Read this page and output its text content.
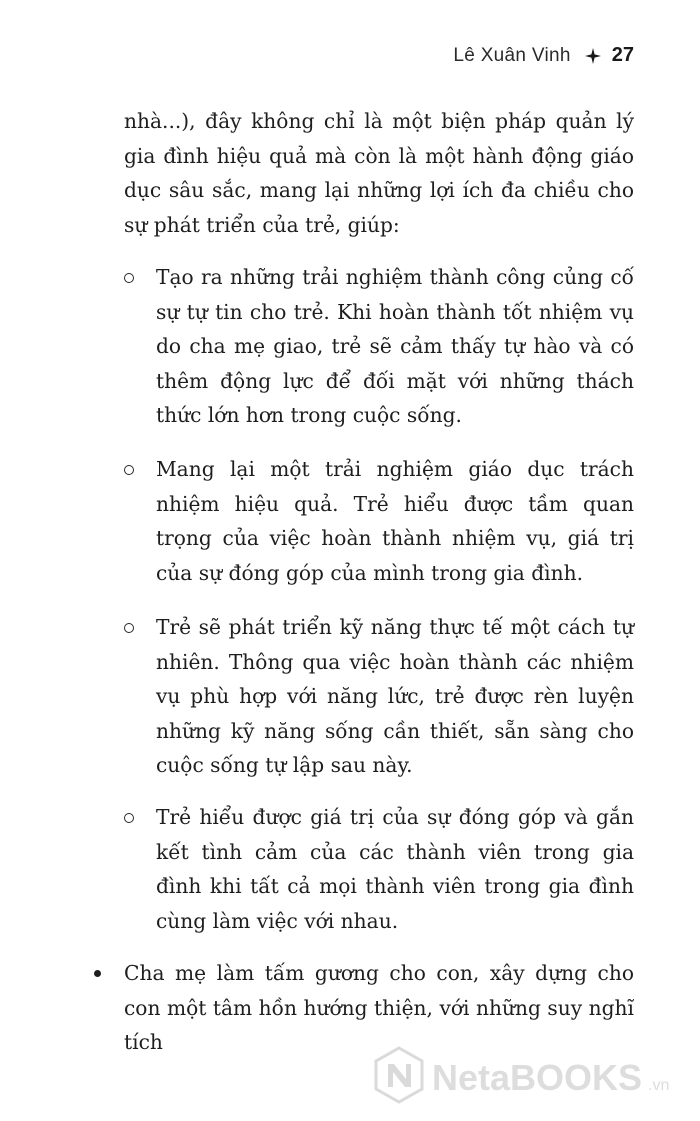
Lê Xuân Vinh 27

nhà...), đây không chỉ là một biện pháp quản lý gia đình hiệu quả mà còn là một hành động giáo dục sâu sắc, mang lại những lợi ích đa chiều cho sự phát triển của trẻ, giúp:

Tạo ra những trải nghiệm thành công củng cố sự tự tin cho trẻ. Khi hoàn thành tốt nhiệm vụ do cha mẹ giao, trẻ sẽ cảm thấy tự hào và có thêm động lực để đối mặt với những thách thức lớn hơn trong cuộc sống.

Mang lại một trải nghiệm giáo dục trách nhiệm hiệu quả. Trẻ hiểu được tầm quan trọng của việc hoàn thành nhiệm vụ, giá trị của sự đóng góp của mình trong gia đình.

Trẻ sẽ phát triển kỹ năng thực tế một cách tự nhiên. Thông qua việc hoàn thành các nhiệm vụ phù hợp với năng lức, trẻ được rèn luyện những kỹ năng sống cần thiết, sẵn sàng cho cuộc sống tự lập sau này.

Trẻ hiểu được giá trị của sự đóng góp và gắn kết tình cảm của các thành viên trong gia đình khi tất cả mọi thành viên trong gia đình cùng làm việc với nhau.

Cha mẹ làm tấm gương cho con, xây dựng cho con một tâm hồn hướng thiện, với những suy nghĩ tích

NetaBOOKS .vn
